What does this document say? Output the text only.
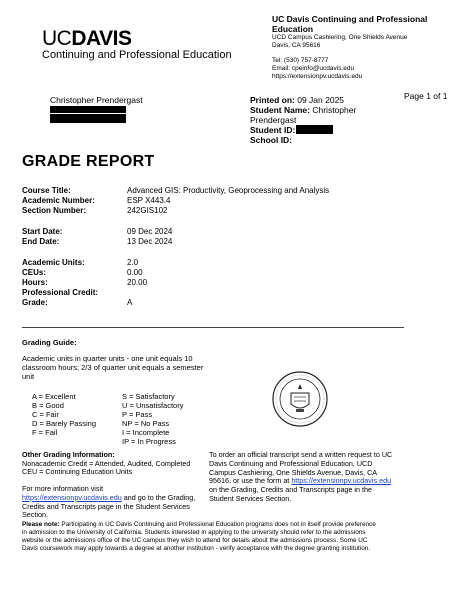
UCDAVIS
Continuing and Professional Education
UC Davis Continuing and Professional Education
UCD Campus Cashiering, One Shields Avenue
Davis, CA 95616
Tel: (530) 757-8777
Email: cpeinfo@ucdavis.edu
https://extensionpv.ucdavis.edu
Page 1 of 1
Christopher Prendergast	Printed on: 09 Jan 2025
Student Name: Christopher
Prendergast
Student ID:
School ID:
GRADE REPORT
Course Title:	Advanced GIS: Productivity, Geoprocessing and Analysis
Academic Number:	ESP X443.4
Section Number:	242GIS102
Start Date:	09 Dec 2024
End Date:	13 Dec 2024
Academic Units:	2.0
CEUs:	0.00
Hours:	20.00
Professional Credit:
Grade:	A
Grading Guide:
Academic units in quarter units - one unit equals 10
classroom hours; 2/3 of quarter unit equals a semester
unit
A = Excellent
B = Good
C = Fair
D = Barely Passing
F = Fail
S = Satisfactory
U = Unsatisfactory
P = Pass
NP = No Pass
I = Incomplete
IP = In Progress
Other Grading Information:
Nonacademic Credit = Attended, Audited, Completed
CEU = Continuing Education Units
For more information visit
https://extensionpv.ucdavis.edu and go to the Grading,
Credits and Transcripts page in the Student Services
Section.
To order an official transcript send a written request to UC
Davis Continuing and Professional Education, UCD
Campus Cashiering, One Shields Avenue, Davis, CA
95616, or use the form at https://extensionpv.ucdavis.edu
on the Grading, Credits and Transcripts page in the
Student Services Section.
Please note: Participating in UC Davis Continuing and Professional Education programs does not in itself provide preference
in admission to the University of California. Students interested in applying to the university should refer to the admissions
website or the admissions office of the UC campus they wish to attend for details about the admissions process. Some UC
Davis coursework may apply towards a degree at another institution - verify acceptance with the degree granting institution.
